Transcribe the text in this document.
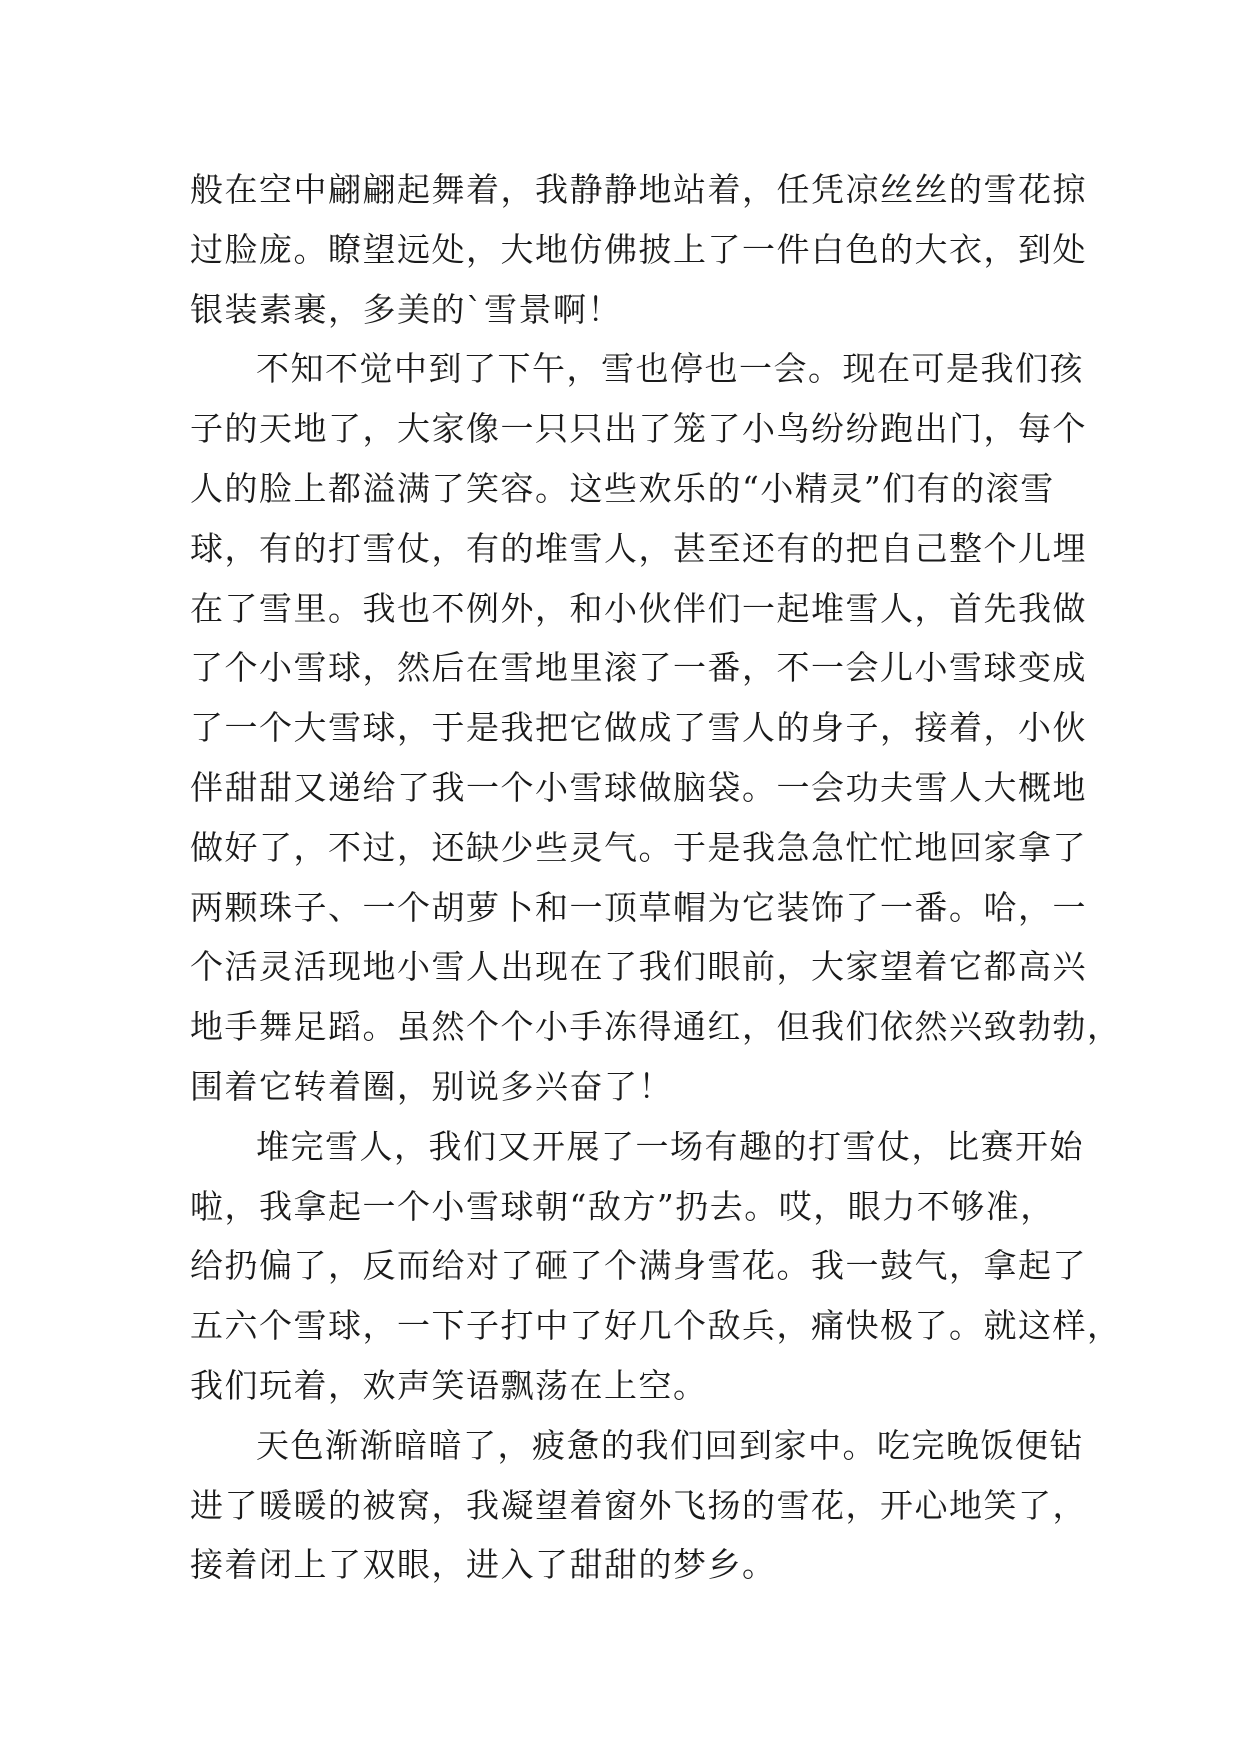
般在空中翩翩起舞着，我静静地站着，任凭凉丝丝的雪花掠
过脸庞。瞭望远处，大地仿佛披上了一件白色的大衣，到处
银装素裹，多美的`雪景啊！

不知不觉中到了下午，雪也停也一会。现在可是我们孩
子的天地了，大家像一只只出了笼了小鸟纷纷跑出门，每个
人的脸上都溢满了笑容。这些欢乐的“小精灵”们有的滚雪
球，有的打雪仗，有的堆雪人，甚至还有的把自己整个儿埋
在了雪里。我也不例外，和小伙伴们一起堆雪人，首先我做
了个小雪球，然后在雪地里滚了一番，不一会儿小雪球变成
了一个大雪球，于是我把它做成了雪人的身子，接着，小伙
伴甜甜又递给了我一个小雪球做脑袋。一会功夫雪人大概地
做好了，不过，还缺少些灵气。于是我急急忙忙地回家拿了
两颗珠子、一个胡萝卜和一顶草帽为它装饰了一番。哈，一
个活灵活现地小雪人出现在了我们眼前，大家望着它都高兴
地手舞足蹈。虽然个个小手冻得通红，但我们依然兴致勃勃，
围着它转着圈，别说多兴奋了！

堆完雪人，我们又开展了一场有趣的打雪仗，比赛开始
啦，我拿起一个小雪球朝“敌方”扔去。哎，眼力不够准，
给扔偏了，反而给对了砸了个满身雪花。我一鼓气，拿起了
五六个雪球，一下子打中了好几个敌兵，痛快极了。就这样，
我们玩着，欢声笑语飘荡在上空。

天色渐渐暗暗了，疲惫的我们回到家中。吃完晚饭便钻
进了暖暖的被窝，我凝望着窗外飞扬的雪花，开心地笑了，
接着闭上了双眼，进入了甜甜的梦乡。
